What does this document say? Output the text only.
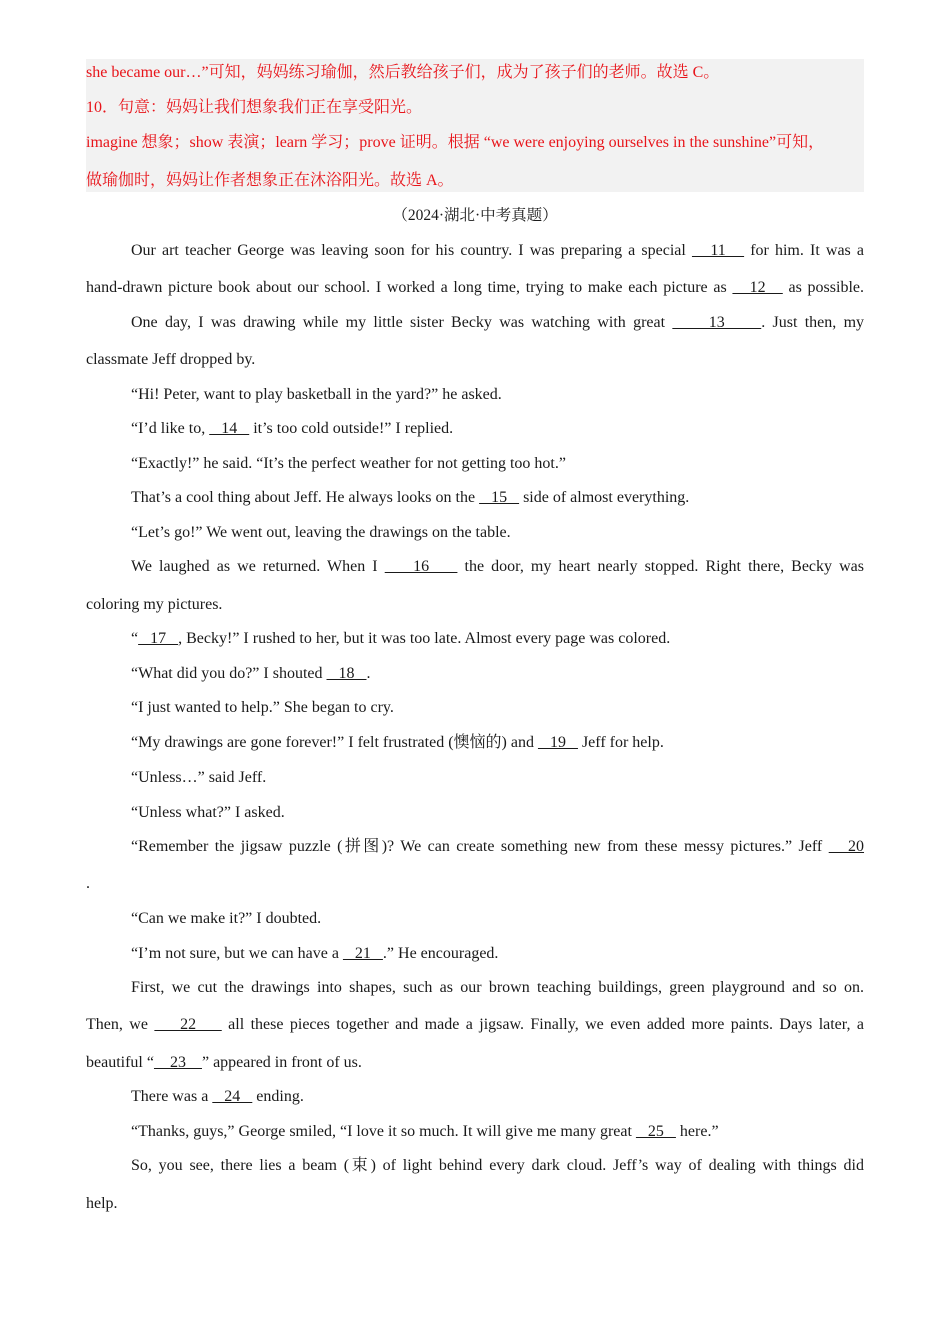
she became our…”可知，妈妈练习瑜伽，然后教给孩子们，成为了孩子们的老师。故选 C。
10．句意：妈妈让我们想象我们正在享受阳光。
imagine 想象；show 表演；learn 学习；prove 证明。根据 “we were enjoying ourselves in the sunshine”可知，
做瑜伽时，妈妈让作者想象正在沐浴阳光。故选 A。
（2024·湖北·中考真题）
Our art teacher George was leaving soon for his country. I was preparing a special    11    for him. It was a
hand-drawn picture book about our school. I worked a long time, trying to make each picture as    12    as possible.
One day, I was drawing while my little sister Becky was watching with great      13     . Just then, my
classmate Jeff dropped by.
“Hi! Peter, want to play basketball in the yard?” he asked.
“I’d like to,    14    it’s too cold outside!” I replied.
“Exactly!” he said. “It’s the perfect weather for not getting too hot.”
That’s a cool thing about Jeff. He always looks on the    15    side of almost everything.
“Let’s go!” We went out, leaving the drawings on the table.
We laughed as we returned. When I     16     the door, my heart nearly stopped. Right there, Becky was
coloring my pictures.
“   17   , Becky!” I rushed to her, but it was too late. Almost every page was colored.
“What did you do?” I shouted    18   .
“I just wanted to help.” She began to cry.
“My drawings are gone forever!” I felt frustrated (懊恼的) and    19    Jeff for help.
“Unless…” said Jeff.
“Unless what?” I asked.
“Remember the jigsaw puzzle (拼图)? We can create something new from these messy pictures.” Jeff    20
.
“Can we make it?” I doubted.
“I’m not sure, but we can have a    21   .” He encouraged.
First, we cut the drawings into shapes, such as our brown teaching buildings, green playground and so on.
Then, we     22     all these pieces together and made a jigsaw. Finally, we even added more paints. Days later, a
beautiful “    23    ” appeared in front of us.
There was a    24    ending.
“Thanks, guys,” George smiled, “I love it so much. It will give me many great    25    here.”
So, you see, there lies a beam (束) of light behind every dark cloud. Jeff’s way of dealing with things did
help.
